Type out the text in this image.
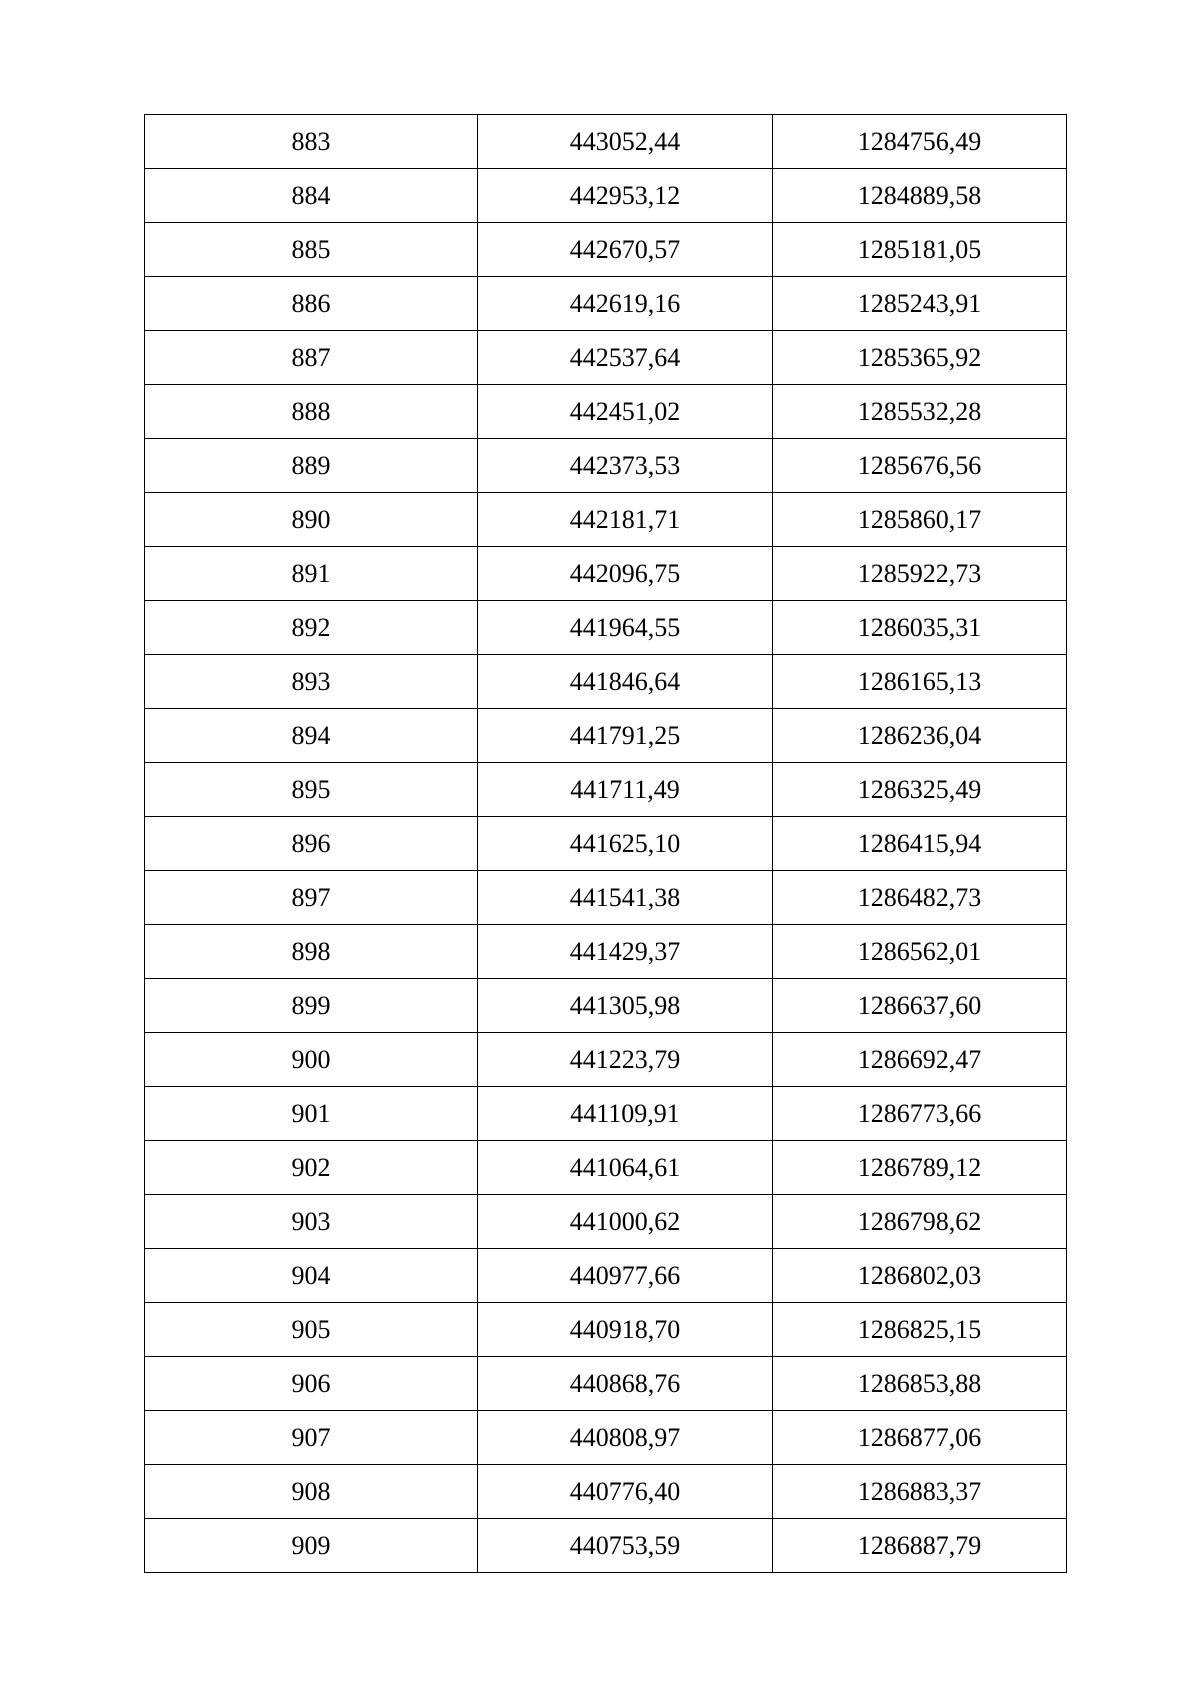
883	443052,44	1284756,49
884	442953,12	1284889,58
885	442670,57	1285181,05
886	442619,16	1285243,91
887	442537,64	1285365,92
888	442451,02	1285532,28
889	442373,53	1285676,56
890	442181,71	1285860,17
891	442096,75	1285922,73
892	441964,55	1286035,31
893	441846,64	1286165,13
894	441791,25	1286236,04
895	441711,49	1286325,49
896	441625,10	1286415,94
897	441541,38	1286482,73
898	441429,37	1286562,01
899	441305,98	1286637,60
900	441223,79	1286692,47
901	441109,91	1286773,66
902	441064,61	1286789,12
903	441000,62	1286798,62
904	440977,66	1286802,03
905	440918,70	1286825,15
906	440868,76	1286853,88
907	440808,97	1286877,06
908	440776,40	1286883,37
909	440753,59	1286887,79
